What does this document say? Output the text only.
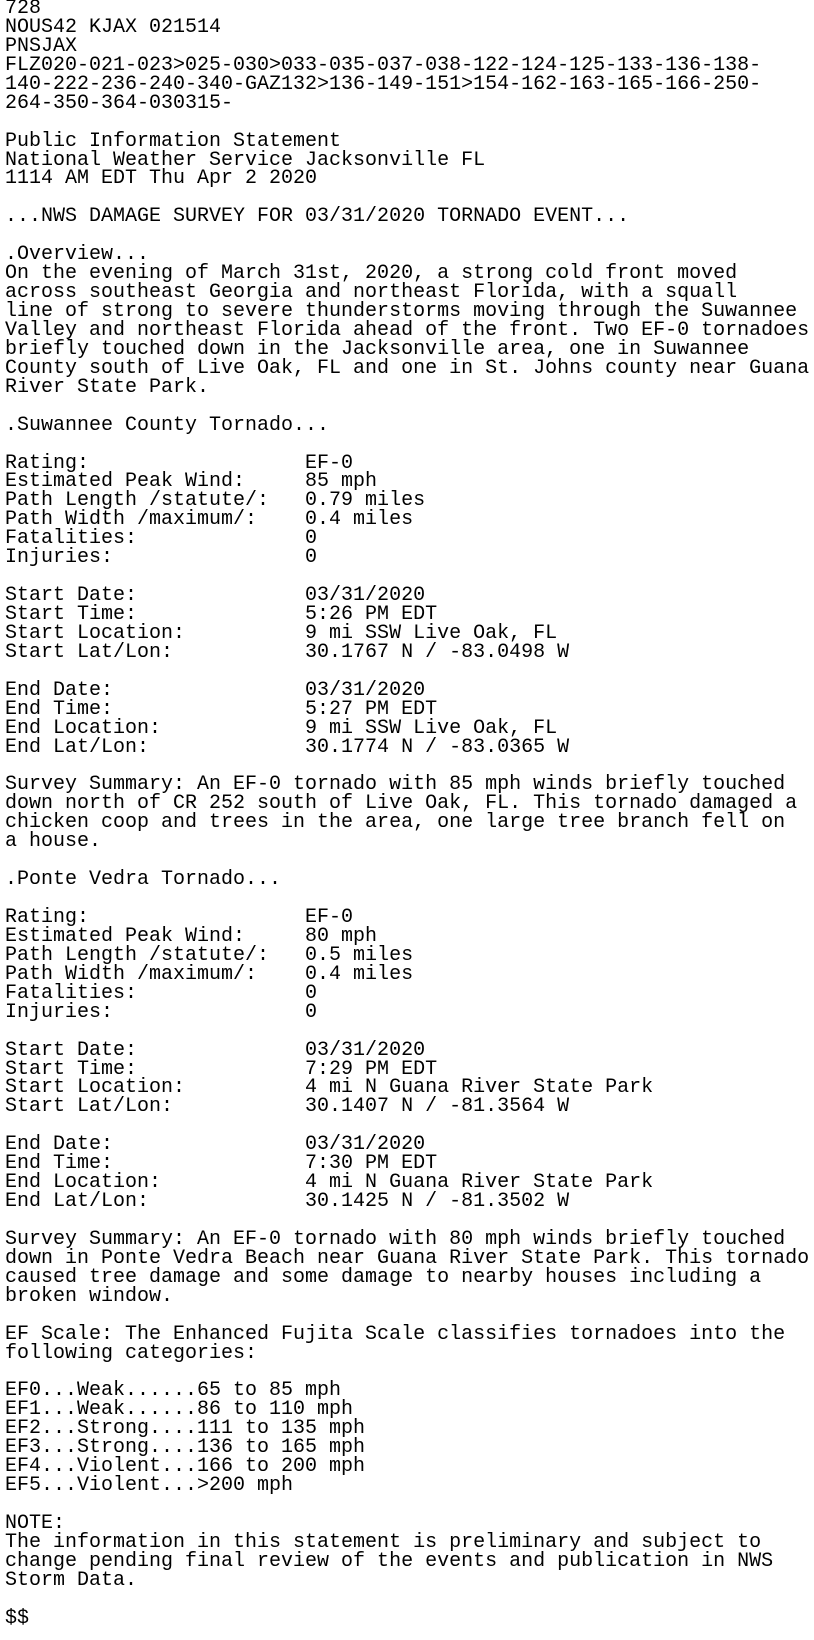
728
NOUS42 KJAX 021514
PNSJAX
FLZ020-021-023>025-030>033-035-037-038-122-124-125-133-136-138-
140-222-236-240-340-GAZ132>136-149-151>154-162-163-165-166-250-
264-350-364-030315-
Public Information Statement
National Weather Service Jacksonville FL
1114 AM EDT Thu Apr 2 2020
...NWS DAMAGE SURVEY FOR 03/31/2020 TORNADO EVENT...
.Overview...
On the evening of March 31st, 2020, a strong cold front moved
across southeast Georgia and northeast Florida, with a squall
line of strong to severe thunderstorms moving through the Suwannee
Valley and northeast Florida ahead of the front. Two EF-0 tornadoes
briefly touched down in the Jacksonville area, one in Suwannee
County south of Live Oak, FL and one in St. Johns county near Guana
River State Park.
.Suwannee County Tornado...
Rating:                  EF-0
Estimated Peak Wind:     85 mph
Path Length /statute/:   0.79 miles
Path Width /maximum/:    0.4 miles
Fatalities:              0
Injuries:                0
Start Date:              03/31/2020
Start Time:              5:26 PM EDT
Start Location:          9 mi SSW Live Oak, FL
Start Lat/Lon:           30.1767 N / -83.0498 W
End Date:                03/31/2020
End Time:                5:27 PM EDT
End Location:            9 mi SSW Live Oak, FL
End Lat/Lon:             30.1774 N / -83.0365 W
Survey Summary: An EF-0 tornado with 85 mph winds briefly touched
down north of CR 252 south of Live Oak, FL. This tornado damaged a
chicken coop and trees in the area, one large tree branch fell on
a house.
.Ponte Vedra Tornado...
Rating:                  EF-0
Estimated Peak Wind:     80 mph
Path Length /statute/:   0.5 miles
Path Width /maximum/:    0.4 miles
Fatalities:              0
Injuries:                0
Start Date:              03/31/2020
Start Time:              7:29 PM EDT
Start Location:          4 mi N Guana River State Park
Start Lat/Lon:           30.1407 N / -81.3564 W
End Date:                03/31/2020
End Time:                7:30 PM EDT
End Location:            4 mi N Guana River State Park
End Lat/Lon:             30.1425 N / -81.3502 W
Survey Summary: An EF-0 tornado with 80 mph winds briefly touched
down in Ponte Vedra Beach near Guana River State Park. This tornado
caused tree damage and some damage to nearby houses including a
broken window.
EF Scale: The Enhanced Fujita Scale classifies tornadoes into the
following categories:
EF0...Weak......65 to 85 mph
EF1...Weak......86 to 110 mph
EF2...Strong....111 to 135 mph
EF3...Strong....136 to 165 mph
EF4...Violent...166 to 200 mph
EF5...Violent...>200 mph
NOTE:
The information in this statement is preliminary and subject to
change pending final review of the events and publication in NWS
Storm Data.
$$
